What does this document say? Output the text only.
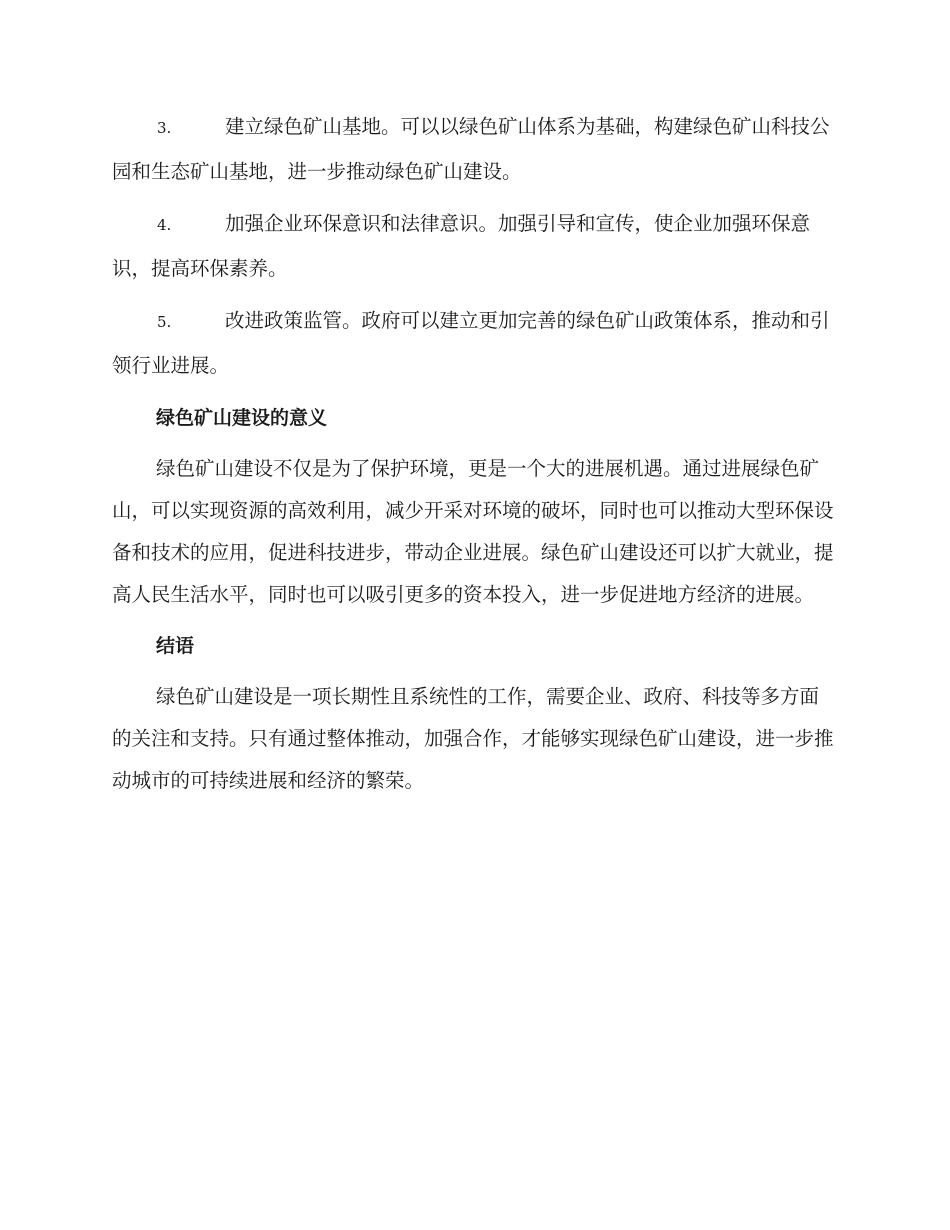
3.	建立绿色矿山基地。可以以绿色矿山体系为基础，构建绿色矿山科技公园和生态矿山基地，进一步推动绿色矿山建设。

4.	加强企业环保意识和法律意识。加强引导和宣传，使企业加强环保意识，提高环保素养。

5.	改进政策监管。政府可以建立更加完善的绿色矿山政策体系，推动和引领行业进展。

绿色矿山建设的意义

绿色矿山建设不仅是为了保护环境，更是一个大的进展机遇。通过进展绿色矿山，可以实现资源的高效利用，减少开采对环境的破坏，同时也可以推动大型环保设备和技术的应用，促进科技进步，带动企业进展。绿色矿山建设还可以扩大就业，提高人民生活水平，同时也可以吸引更多的资本投入，进一步促进地方经济的进展。

结语

绿色矿山建设是一项长期性且系统性的工作，需要企业、政府、科技等多方面的关注和支持。只有通过整体推动，加强合作，才能够实现绿色矿山建设，进一步推动城市的可持续进展和经济的繁荣。
